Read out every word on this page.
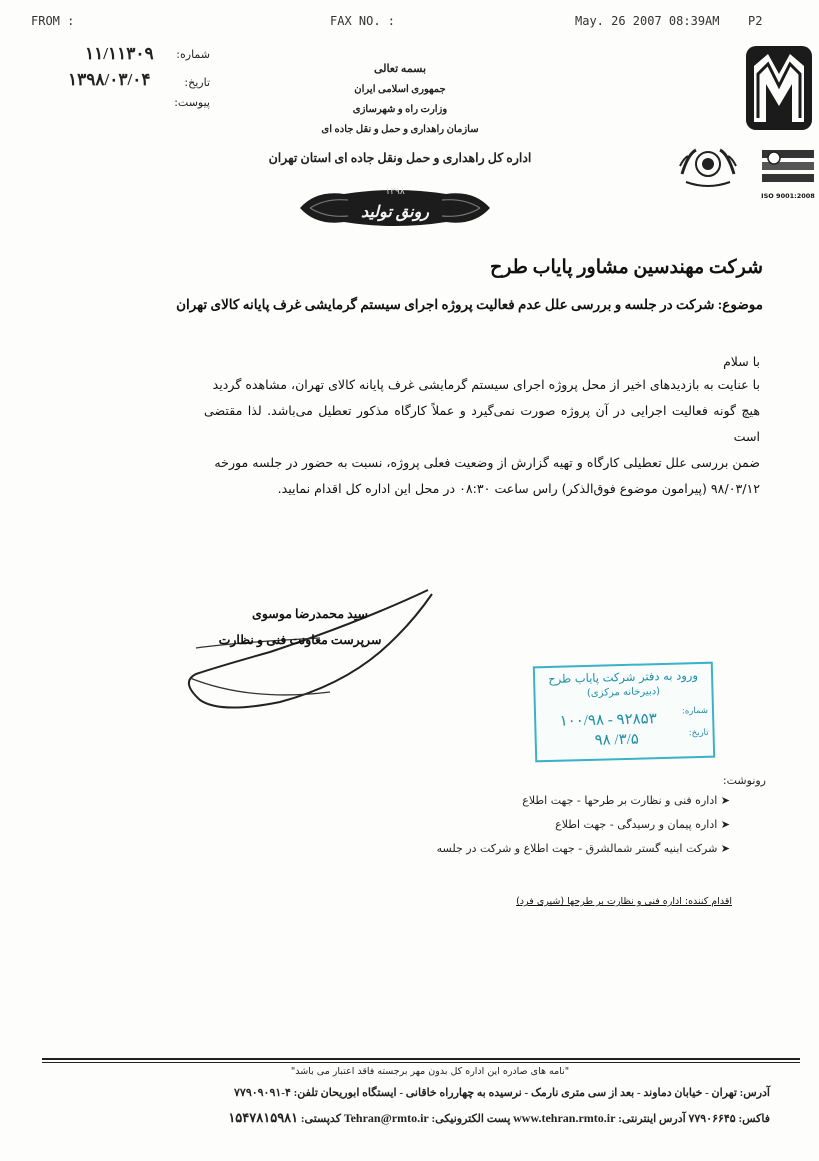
FROM :	FAX NO. :	May. 26 2007 08:39AM P2
۱۱/۱۱۳۰۹	شماره:
۱۳۹۸/۰۳/۰۴	تاریخ:
پیوست:
بسمه تعالی
جمهوری اسلامی ایران
وزارت راه و شهرسازی
سازمان راهداری و حمل و نقل جاده ای
اداره کل راهداری و حمل ونقل جاده ای استان تهران
ISO 9001:2008
۱۳۹۸
رونق تولید
شرکت مهندسین مشاور پایاب طرح
موضوع: شرکت در جلسه و بررسی علل عدم فعالیت پروژه اجرای سیستم گرمایشی غرف پایانه کالای تهران
با سلام
با عنایت به بازدیدهای اخیر از محل پروژه اجرای سیستم گرمایشی غرف پایانه کالای تهران، مشاهده گردید
هیچ گونه فعالیت اجرایی در آن پروژه صورت نمی‌گیرد و عملاً کارگاه مذکور تعطیل می‌باشد. لذا مقتضی است
ضمن بررسی علل تعطیلی کارگاه و تهیه گزارش از وضعیت فعلی پروژه، نسبت به حضور در جلسه مورخه
۹۸/۰۳/۱۲ (پیرامون موضوع فوق‌الذکر) راس ساعت ۰۸:۳۰ در محل این اداره کل اقدام نمایید.
سید محمدرضا موسوی
سرپرست معاونت فنی و نظارت
ورود به دفتر شرکت پایاب طرح
(دبیرخانه مرکزی)
شماره:
۱۰۰/۹۸ - ۹۲۸۵۳
تاریخ:
۹۸ /۳/۵
رونوشت:
➤ اداره فنی و نظارت بر طرحها - جهت اطلاع
➤ اداره پیمان و رسیدگی - جهت اطلاع
➤ شرکت ابنیه گستر شمالشرق - جهت اطلاع و شرکت در جلسه
اقدام کننده: اداره فنی و نظارت بر طرحها (شیری فرد)
"نامه های صادره این اداره کل بدون مهر برجسته فاقد اعتبار می باشد"
آدرس: تهران - خیابان دماوند - بعد از سی متری نارمک - نرسیده به چهارراه خاقانی - ایستگاه ابوریحان تلفن: ۴-۷۷۹۰۹۰۹۱
فاکس: ۷۷۹۰۶۶۴۵ آدرس اینترنتی: www.tehran.rmto.ir پست الکترونیکی: Tehran@rmto.ir کدپستی: ۱۵۴۷۸۱۵۹۸۱
